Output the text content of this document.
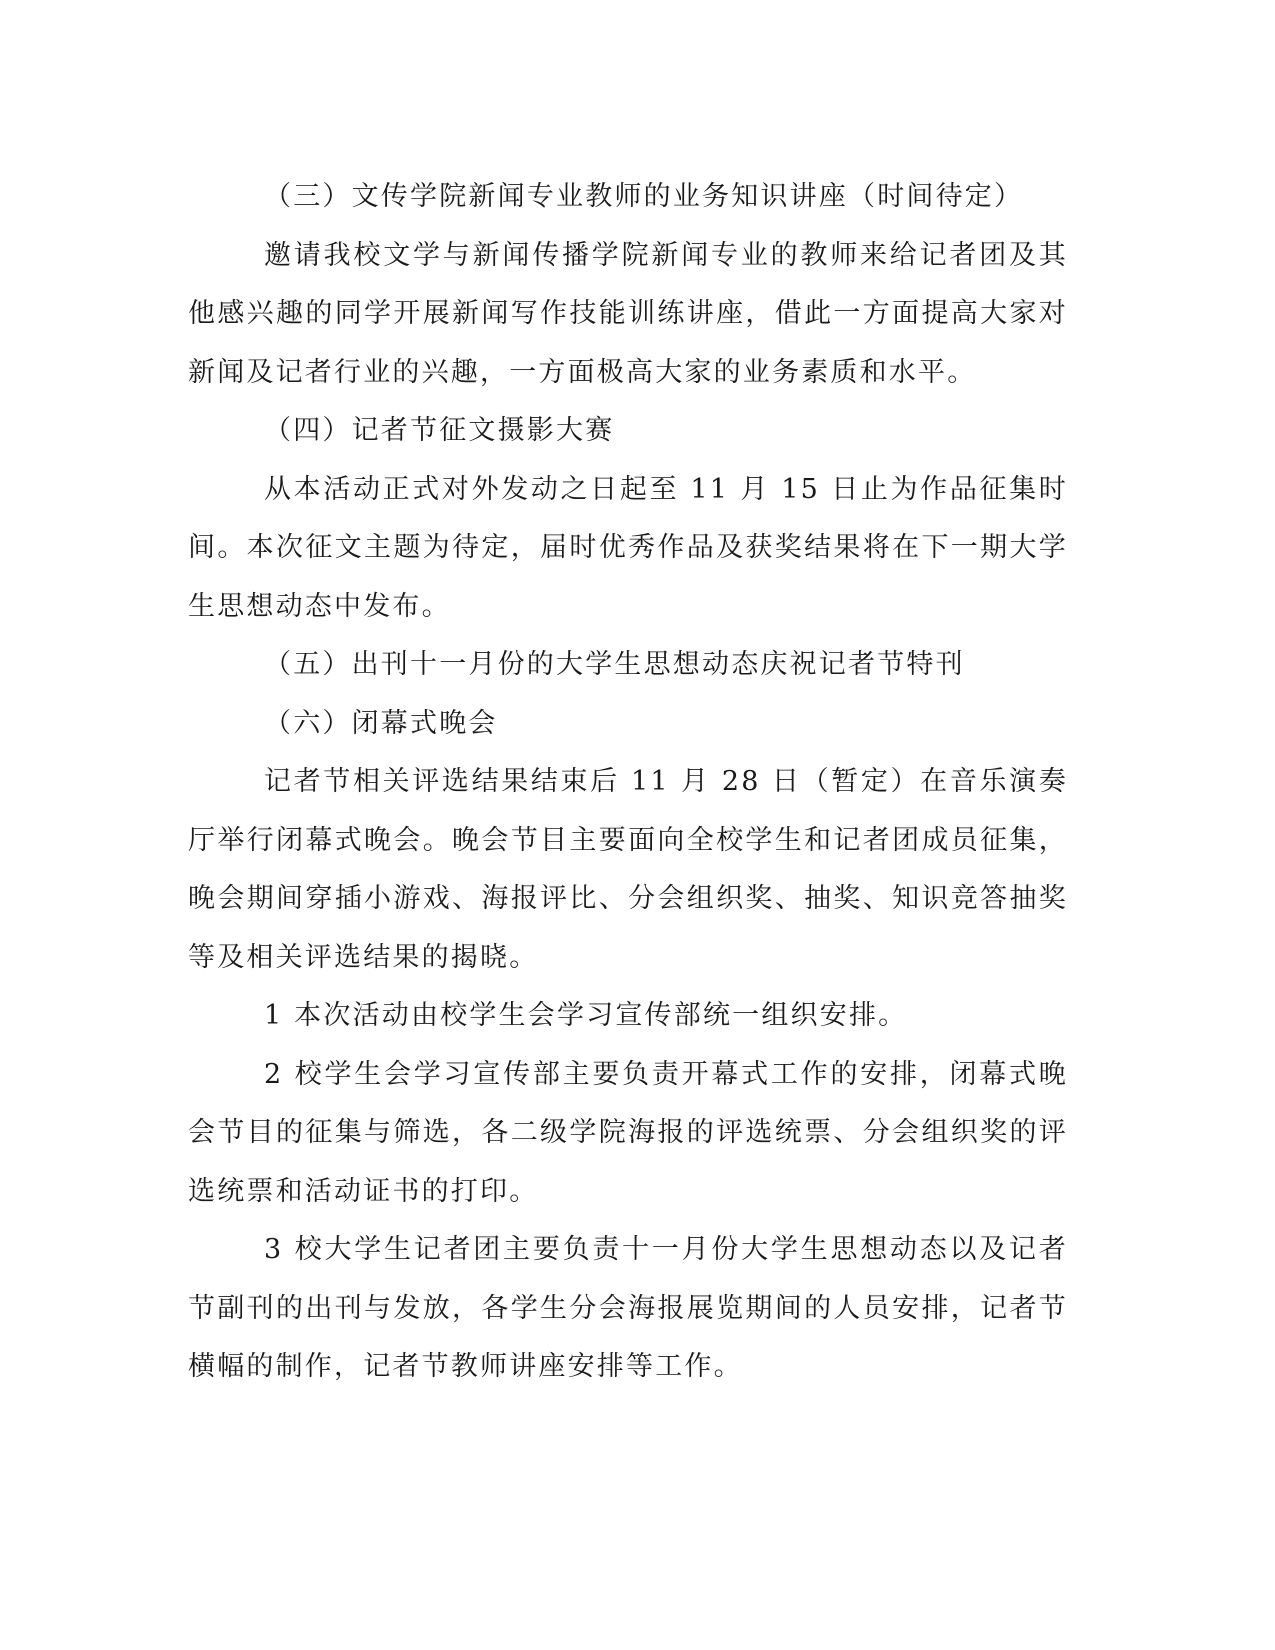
（三）文传学院新闻专业教师的业务知识讲座（时间待定）

邀请我校文学与新闻传播学院新闻专业的教师来给记者团及其他感兴趣的同学开展新闻写作技能训练讲座，借此一方面提高大家对新闻及记者行业的兴趣，一方面极高大家的业务素质和水平。

（四）记者节征文摄影大赛

从本活动正式对外发动之日起至 11 月 15 日止为作品征集时间。本次征文主题为待定，届时优秀作品及获奖结果将在下一期大学生思想动态中发布。

（五）出刊十一月份的大学生思想动态庆祝记者节特刊

（六）闭幕式晚会

记者节相关评选结果结束后 11 月 28 日（暂定）在音乐演奏厅举行闭幕式晚会。晚会节目主要面向全校学生和记者团成员征集，晚会期间穿插小游戏、海报评比、分会组织奖、抽奖、知识竞答抽奖等及相关评选结果的揭晓。

1 本次活动由校学生会学习宣传部统一组织安排。

2 校学生会学习宣传部主要负责开幕式工作的安排，闭幕式晚会节目的征集与筛选，各二级学院海报的评选统票、分会组织奖的评选统票和活动证书的打印。

3 校大学生记者团主要负责十一月份大学生思想动态以及记者节副刊的出刊与发放，各学生分会海报展览期间的人员安排，记者节横幅的制作，记者节教师讲座安排等工作。
